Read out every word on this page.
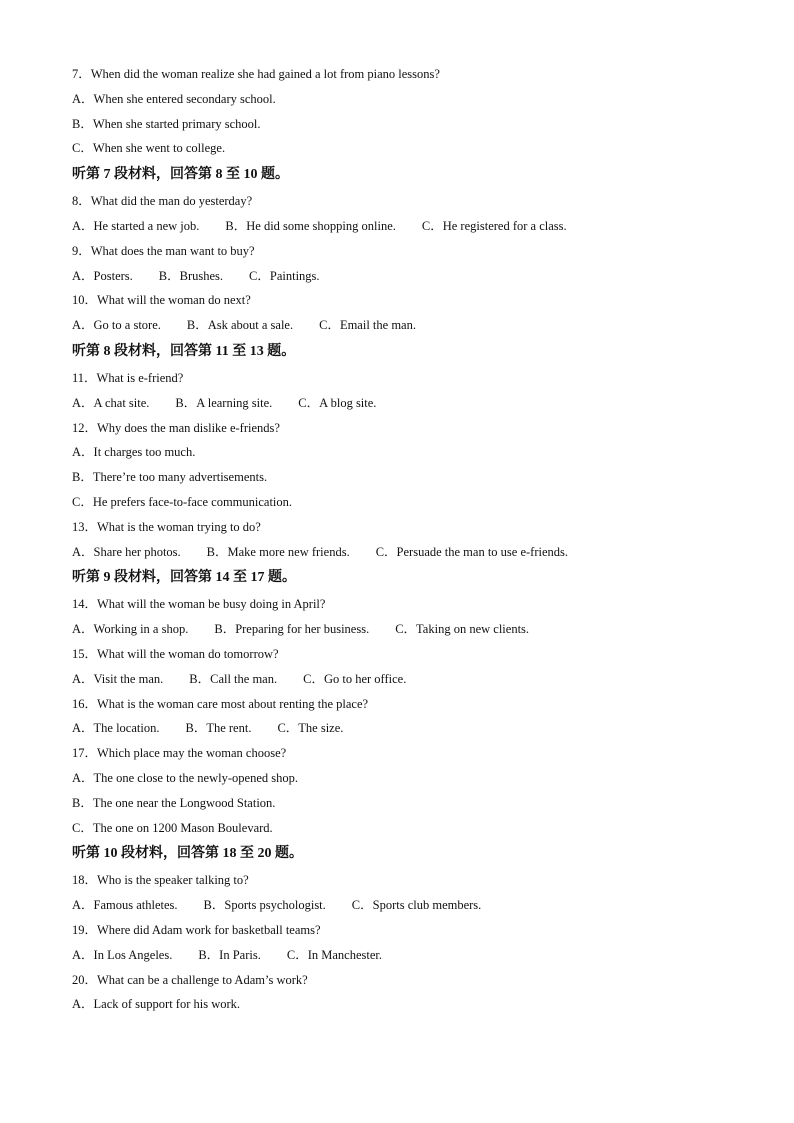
7．When did the woman realize she had gained a lot from piano lessons?
A．When she entered secondary school.
B．When she started primary school.
C．When she went to college.
听第 7 段材料，回答第 8 至 10 题。
8．What did the man do yesterday?
A．He started a new job. B．He did some shopping online. C．He registered for a class.
9．What does the man want to buy?
A．Posters. B．Brushes. C．Paintings.
10．What will the woman do next?
A．Go to a store. B．Ask about a sale. C．Email the man.
听第 8 段材料，回答第 11 至 13 题。
11．What is e-friend?
A．A chat site. B．A learning site. C．A blog site.
12．Why does the man dislike e-friends?
A．It charges too much.
B．There’re too many advertisements.
C．He prefers face-to-face communication.
13．What is the woman trying to do?
A．Share her photos. B．Make more new friends. C．Persuade the man to use e-friends.
听第 9 段材料，回答第 14 至 17 题。
14．What will the woman be busy doing in April?
A．Working in a shop. B．Preparing for her business. C．Taking on new clients.
15．What will the woman do tomorrow?
A．Visit the man. B．Call the man. C．Go to her office.
16．What is the woman care most about renting the place?
A．The location. B．The rent. C．The size.
17．Which place may the woman choose?
A．The one close to the newly-opened shop.
B．The one near the Longwood Station.
C．The one on 1200 Mason Boulevard.
听第 10 段材料，回答第 18 至 20 题。
18．Who is the speaker talking to?
A．Famous athletes. B．Sports psychologist. C．Sports club members.
19．Where did Adam work for basketball teams?
A．In Los Angeles. B．In Paris. C．In Manchester.
20．What can be a challenge to Adam’s work?
A．Lack of support for his work.
